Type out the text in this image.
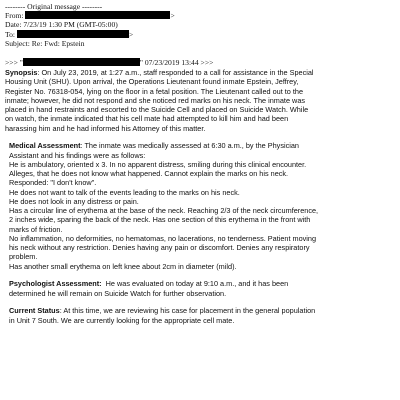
-------- Original message --------
From:	>
Date: 7/23/19 1:30 PM (GMT-05:00)
To:	>
Subject: Re: Fwd: Epstein
>>> "	" 07/23/2019 13:44 >>>
Synopsis: On July 23, 2019, at 1:27 a.m., staff responded to a call for assistance in the Special
Housing Unit (SHU). Upon arrival, the Operations Lieutenant found inmate Epstein, Jeffrey,
Register No. 76318-054, lying on the floor in a fetal position. The Lieutenant called out to the
inmate; however, he did not respond and she noticed red marks on his neck. The inmate was
placed in hand restraints and escorted to the Suicide Cell and placed on Suicide Watch. While
on watch, the inmate indicated that his cell mate had attempted to kill him and had been
harassing him and he had informed his Attorney of this matter.
Medical Assessment: The inmate was medically assessed at 6:30 a.m., by the Physician
Assistant and his findings were as follows:
He is ambulatory, oriented x 3. In no apparent distress, smiling during this clinical encounter.
Alleges, that he does not know what happened. Cannot explain the marks on his neck.
Responded: "I don't know".
He does not want to talk of the events leading to the marks on his neck.
He does not look in any distress or pain.
Has a circular line of erythema at the base of the neck. Reaching 2/3 of the neck circumference,
2 inches wide, sparing the back of the neck. Has one section of this erythema in the front with
marks of friction.
No inflammation, no deformities, no hematomas, no lacerations, no tenderness. Patient moving
his neck without any restriction. Denies having any pain or discomfort. Denies any respiratory
problem.
Has another small erythema on left knee about 2cm in diameter (mild).
Psychologist Assessment:  He was evaluated on today at 9:10 a.m., and it has been
determined he will remain on Suicide Watch for further observation.
Current Status: At this time, we are reviewing his case for placement in the general population
in Unit 7 South. We are currently looking for the appropriate cell mate.
